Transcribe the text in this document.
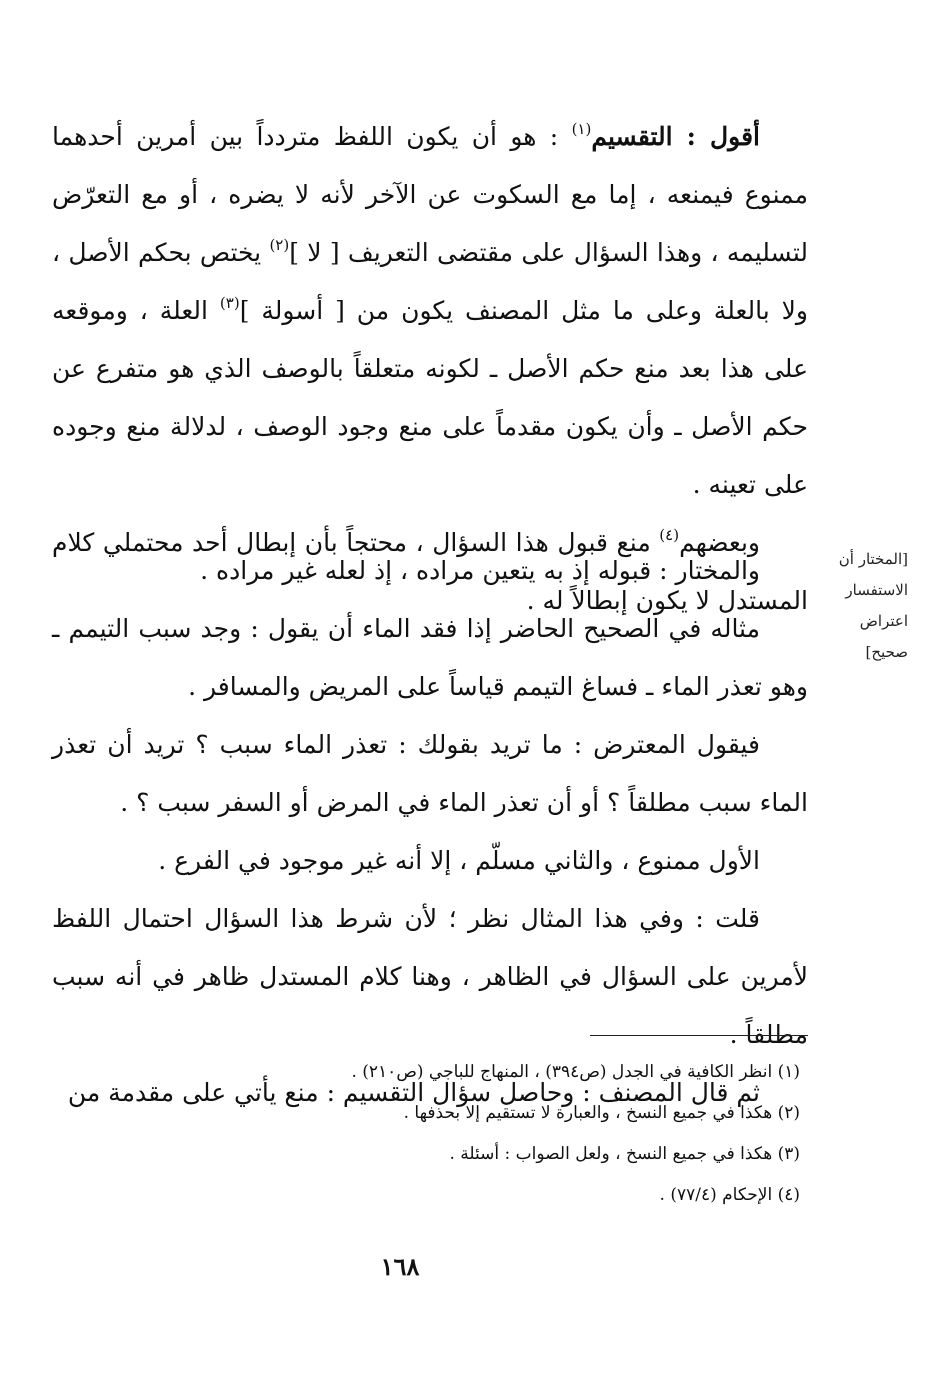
أقول : التقسيم$^{(١)}$ : هو أن يكون اللفظ متردداً بين أمرين أحدهما ممنوع فيمنعه ، إما مع السكوت عن الآخر لأنه لا يضره ، أو مع التعرّض لتسليمه ، وهذا السؤال على مقتضى التعريف [ لا ]$^{(٢)}$ يختص بحكم الأصل ، ولا بالعلة وعلى ما مثل المصنف يكون من [ أسولة ]$^{(٣)}$ العلة ، وموقعه على هذا بعد منع حكم الأصل ـ لكونه متعلقاً بالوصف الذي هو متفرع عن حكم الأصل ـ وأن يكون مقدماً على منع وجود الوصف ، لدلالة منع وجوده على تعينه .

وبعضهم$^{(٤)}$ منع قبول هذا السؤال ، محتجاً بأن إبطال أحد محتملي كلام المستدل لا يكون إبطالاً له .

والمختار : قبوله إذ به يتعين مراده ، إذ لعله غير مراده .

مثاله في الصحيح الحاضر إذا فقد الماء أن يقول : وجد سبب التيمم ـ وهو تعذر الماء ـ فساغ التيمم قياساً على المريض والمسافر .

فيقول المعترض : ما تريد بقولك : تعذر الماء سبب ؟ تريد أن تعذر الماء سبب مطلقاً ؟ أو أن تعذر الماء في المرض أو السفر سبب ؟ .

الأول ممنوع ، والثاني مسلّم ، إلا أنه غير موجود في الفرع .

قلت : وفي هذا المثال نظر ؛ لأن شرط هذا السؤال احتمال اللفظ لأمرين على السؤال في الظاهر ، وهنا كلام المستدل ظاهر في أنه سبب مطلقاً .

ثم قال المصنف : وحاصل سؤال التقسيم : منع يأتي على مقدمة من

[المختار أن
الاستفسار
اعتراض
صحيح]
(١) انظر الكافية في الجدل (ص٣٩٤) ، المنهاج للباجي (ص٢١٠) .
(٢) هكذا في جميع النسخ ، والعبارة لا تستقيم إلا بحذفها .
(٣) هكذا في جميع النسخ ، ولعل الصواب : أسئلة .
(٤) الإحكام (٧٧/٤) .
١٦٨
